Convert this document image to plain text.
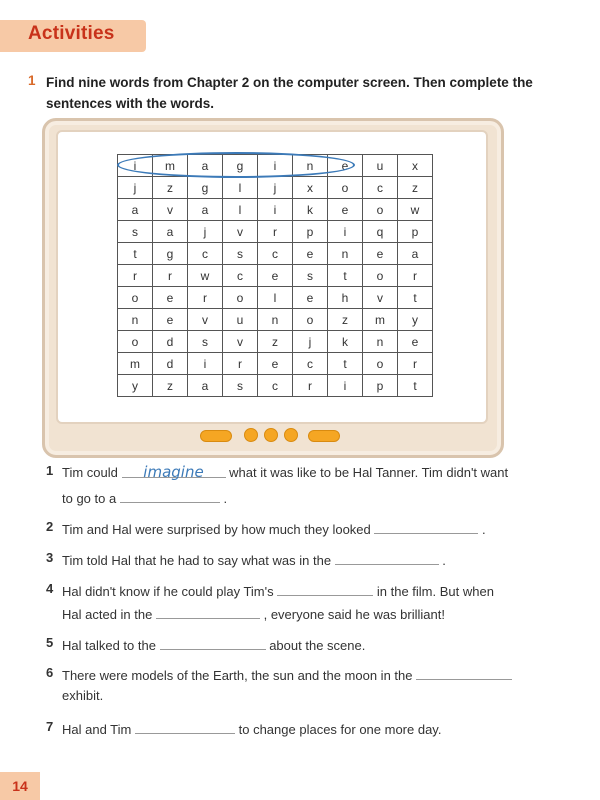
Activities
1 Find nine words from Chapter 2 on the computer screen. Then complete the sentences with the words.
i	m	a	g	i	n	e	u	x
j	z	g	l	j	x	o	c	z
a	v	a	l	i	k	e	o	w
s	a	j	v	r	p	i	q	p
t	g	c	s	c	e	n	e	a
r	r	w	c	e	s	t	o	r
o	e	r	o	l	e	h	v	t
n	e	v	u	n	o	z	m	y
o	d	s	v	z	j	k	n	e
m	d	i	r	e	c	t	o	r
y	z	a	s	c	r	i	p	t
1 Tim could imagine what it was like to be Hal Tanner. Tim didn't want
to go to a	.
2 Tim and Hal were surprised by how much they looked	.
3 Tim told Hal that he had to say what was in the	.
4 Hal didn't know if he could play Tim's	in the film. But when
Hal acted in the	, everyone said he was brilliant!
5 Hal talked to the	about the scene.
6 There were models of the Earth, the sun and the moon in the
exhibit.
7 Hal and Tim	to change places for one more day.
14
